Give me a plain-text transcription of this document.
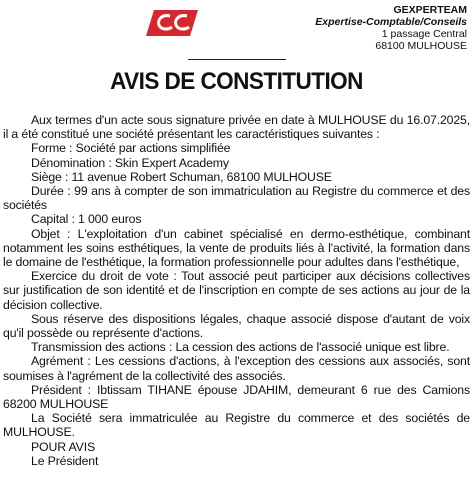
GEXPERTEAM
Expertise-Comptable/Conseils
1 passage Central
68100 MULHOUSE
AVIS DE CONSTITUTION

Aux termes d'un acte sous signature privée en date à MULHOUSE du 16.07.2025, il a été constitué une société présentant les caractéristiques suivantes :

Forme : Société par actions simplifiée

Dénomination : Skin Expert Academy

Siège : 11 avenue Robert Schuman, 68100 MULHOUSE

Durée : 99 ans à compter de son immatriculation au Registre du commerce et des sociétés

Capital : 1 000 euros

Objet : L'exploitation d'un cabinet spécialisé en dermo-esthétique, combinant notamment les soins esthétiques, la vente de produits liés à l'activité, la formation dans le domaine de l'esthétique, la formation professionnelle pour adultes dans l'esthétique,

Exercice du droit de vote : Tout associé peut participer aux décisions collectives sur justification de son identité et de l'inscription en compte de ses actions au jour de la décision collective.

Sous réserve des dispositions légales, chaque associé dispose d'autant de voix qu'il possède ou représente d'actions.

Transmission des actions : La cession des actions de l'associé unique est libre.

Agrément : Les cessions d'actions, à l'exception des cessions aux associés, sont soumises à l'agrément de la collectivité des associés.

Président : Ibtissam TIHANE épouse JDAHIM, demeurant 6 rue des Camions 68200 MULHOUSE

La Société sera immatriculée au Registre du commerce et des sociétés de MULHOUSE.

POUR AVIS

Le Président
